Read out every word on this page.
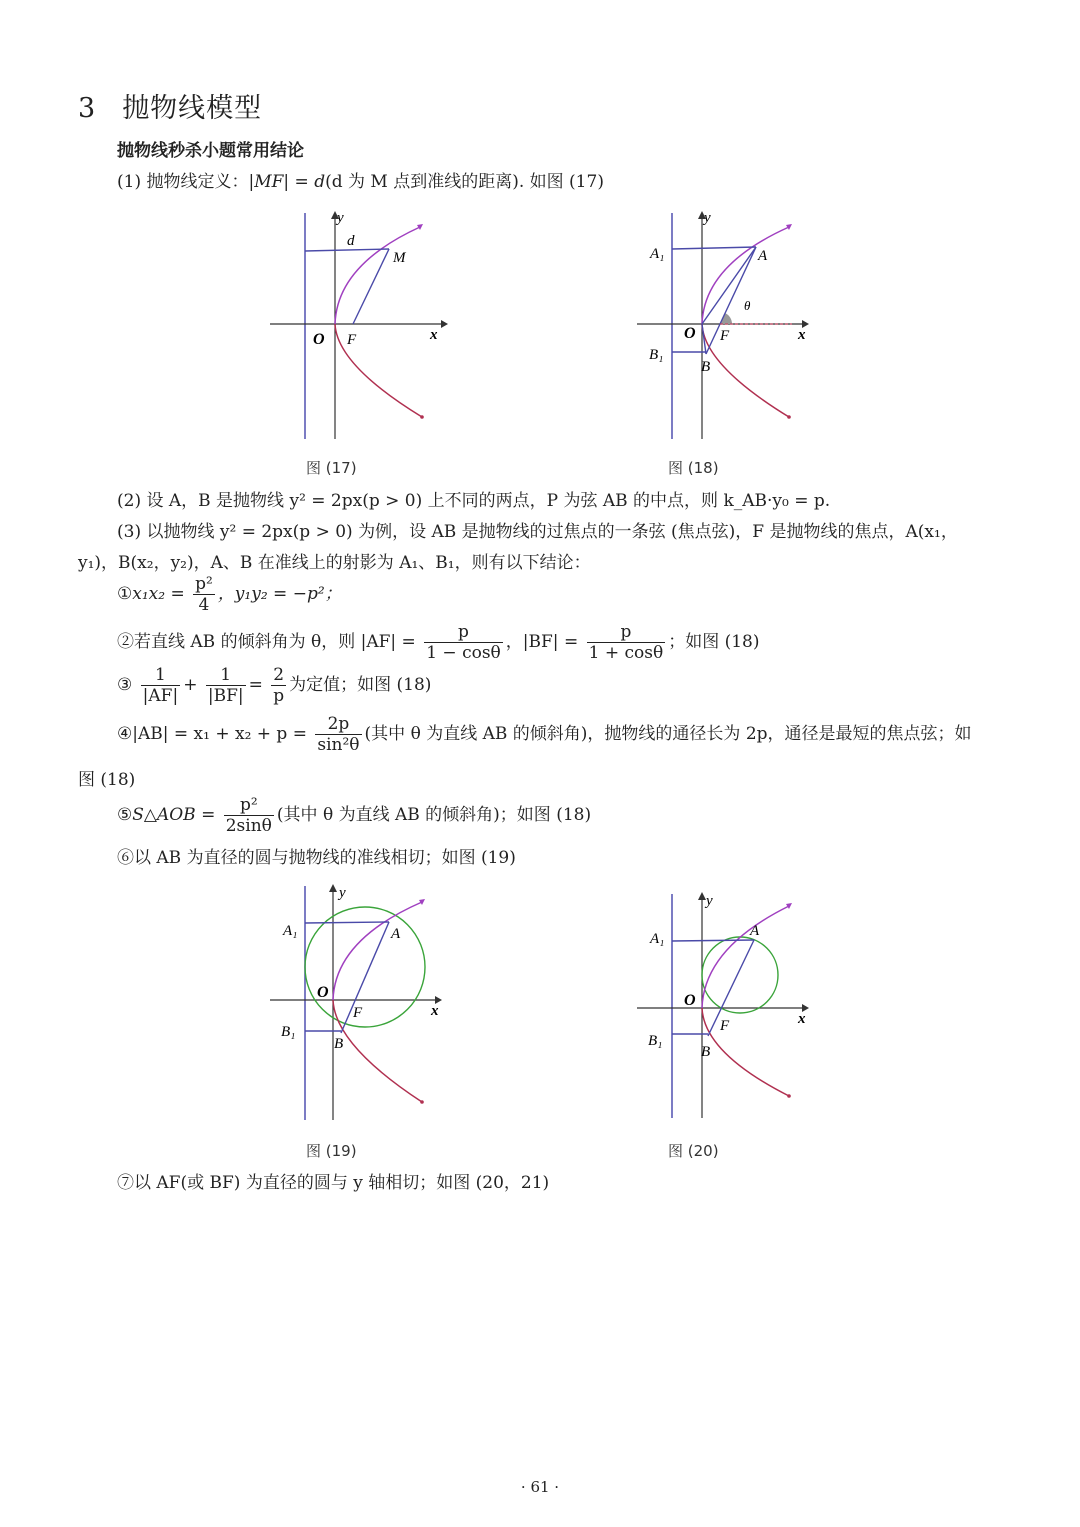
3 抛物线模型
抛物线秒杀小题常用结论
(1) 抛物线定义：|MF| = d(d 为 M 点到准线的距离). 如图 (17)
y
x
O F
M
d
图 (17)
y
x
O F
A
B
A₁
B₁
θ
图 (18)
(2) 设 A，B 是抛物线 y² = 2px(p > 0) 上不同的两点，P 为弦 AB 的中点，则 k_AB·y₀ = p.
(3) 以抛物线 y² = 2px(p > 0) 为例，设 AB 是抛物线的过焦点的一条弦 (焦点弦)，F 是抛物线的焦点，A(x₁，
y₁)，B(x₂，y₂)，A、B 在准线上的射影为 A₁、B₁，则有以下结论：
①x₁x₂ = $\frac{\text{p²}}{4}$ ，y₁y₂ = −p²；
②若直线 AB 的倾斜角为 θ，则 $|AF| = \frac{p}{1 - \cos\theta}$ ，$|BF| = \frac{p}{1 + \cos\theta}$ ；如图 (18)
③ $\frac{1}{|AF|} + \frac{1}{|BF|} = \frac{2}{p}$ 为定值；如图 (18)
④|AB| = $x_1 + x_2 + p = \frac{2p}{\text{sin²θ}}$ (其中 θ 为直线 AB 的倾斜角)，抛物线的通径长为 2p，通径是最短的焦点弦；如
图 (18)
⑤S△AOB = $\frac{\text{p²}}{2\sin\theta}$ (其中 θ 为直线 AB 的倾斜角)；如图 (18)
⑥以 AB 为直径的圆与抛物线的准线相切；如图 (19)
y
x
O
F
A
B
A₁
B₁
图 (19)
y
x
O
F
A
B
A₁
B₁
图 (20)
⑦以 AF(或 BF) 为直径的圆与 y 轴相切；如图 (20，21)
· 61 ·
